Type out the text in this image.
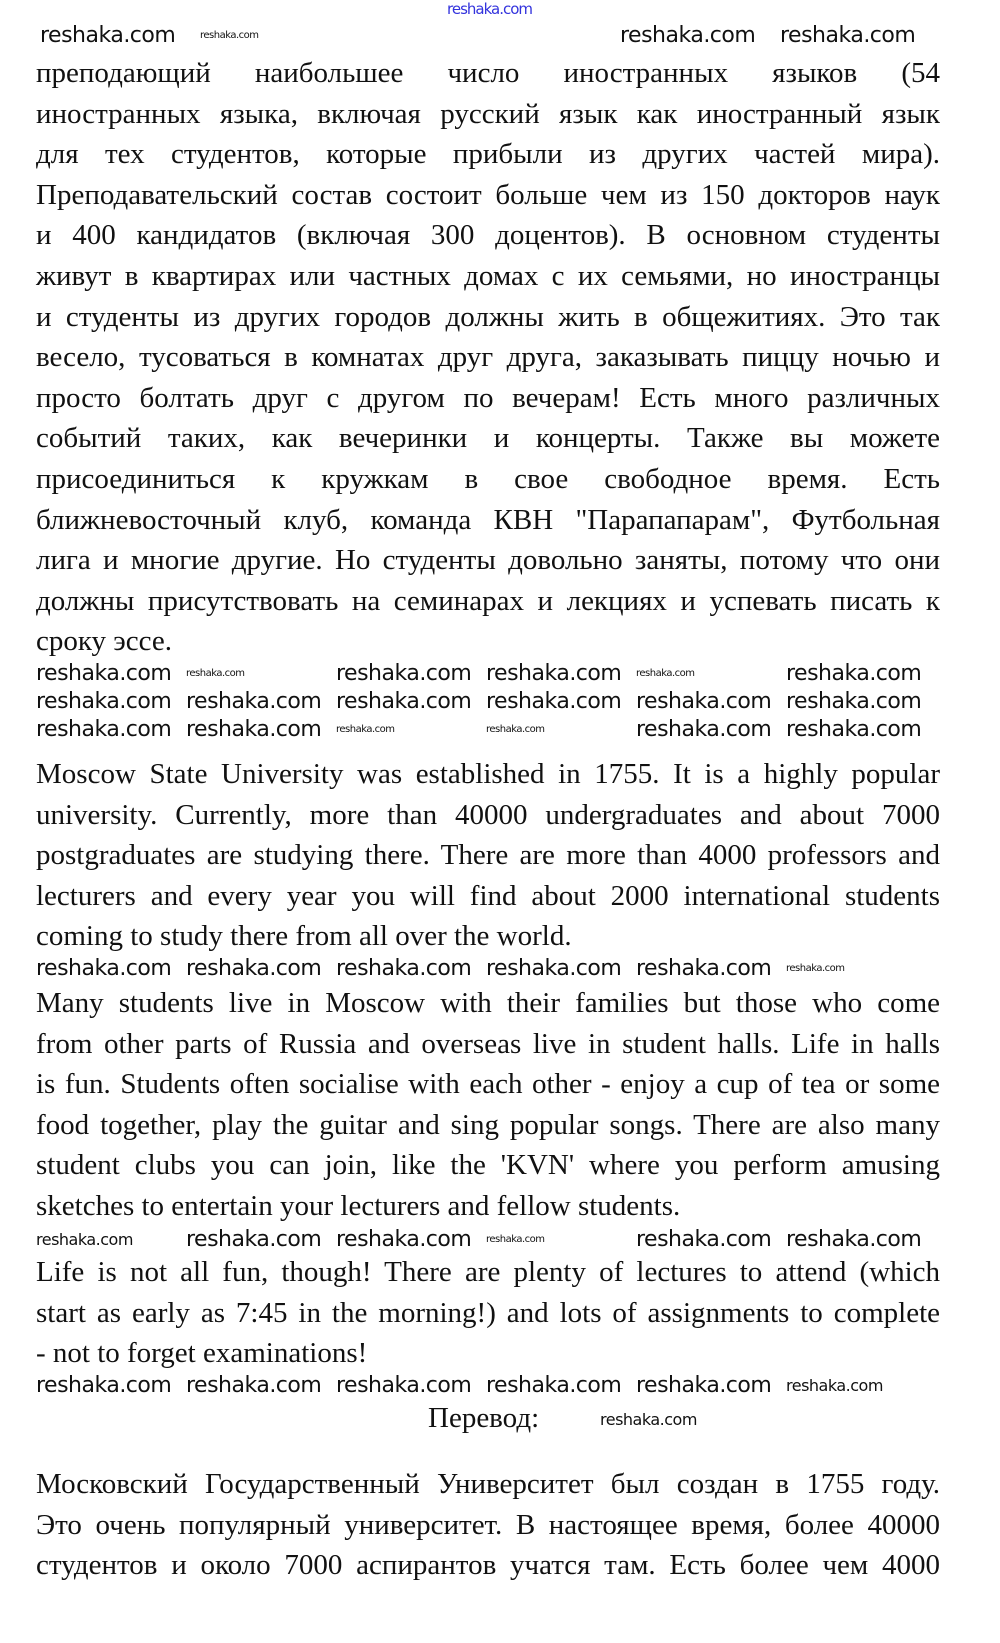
reshaka.com
преподающий наибольшее число иностранных языков (54
иностранных языка, включая русский язык как иностранный язык
для тех студентов, которые прибыли из других частей мира).
Преподавательский состав состоит больше чем из 150 докторов наук
и 400 кандидатов (включая 300 доцентов). В основном студенты
живут в квартирах или частных домах с их семьями, но иностранцы
и студенты из других городов должны жить в общежитиях. Это так
весело, тусоваться в комнатах друг друга, заказывать пиццу ночью и
просто болтать друг с другом по вечерам! Есть много различных
событий таких, как вечеринки и концерты. Также вы можете
присоединиться к кружкам в свое свободное время. Есть
ближневосточный клуб, команда КВН "Парапапарам", Футбольная
лига и многие другие. Но студенты довольно заняты, потому что они
должны присутствовать на семинарах и лекциях и успевать писать к
сроку эссе.
Moscow State University was established in 1755. It is a highly popular
university. Currently, more than 40000 undergraduates and about 7000
postgraduates are studying there. There are more than 4000 professors and
lecturers and every year you will find about 2000 international students
coming to study there from all over the world.
Many students live in Moscow with their families but those who come
from other parts of Russia and overseas live in student halls. Life in halls
is fun. Students often socialise with each other - enjoy a cup of tea or some
food together, play the guitar and sing popular songs. There are also many
student clubs you can join, like the 'KVN' where you perform amusing
sketches to entertain your lecturers and fellow students.
Life is not all fun, though! There are plenty of lectures to attend (which
start as early as 7:45 in the morning!) and lots of assignments to complete
- not to forget examinations!
Московский Государственный Университет был создан в 1755 году.
Это очень популярный университет. В настоящее время, более 40000
студентов и около 7000 аспирантов учатся там. Есть более чем 4000
Перевод:
reshaka.com reshaka.com	reshaka.com reshaka.com
reshaka.com reshaka.com	reshaka.com reshaka.com reshaka.com	reshaka.com
reshaka.com reshaka.com reshaka.com reshaka.com reshaka.com reshaka.com
reshaka.com reshaka.com reshaka.com	reshaka.com	reshaka.com reshaka.com
reshaka.com reshaka.com reshaka.com reshaka.com reshaka.com reshaka.com
reshaka.com reshaka.com reshaka.com reshaka.com	reshaka.com reshaka.com
reshaka.com reshaka.com reshaka.com reshaka.com reshaka.com reshaka.com
reshaka.com
